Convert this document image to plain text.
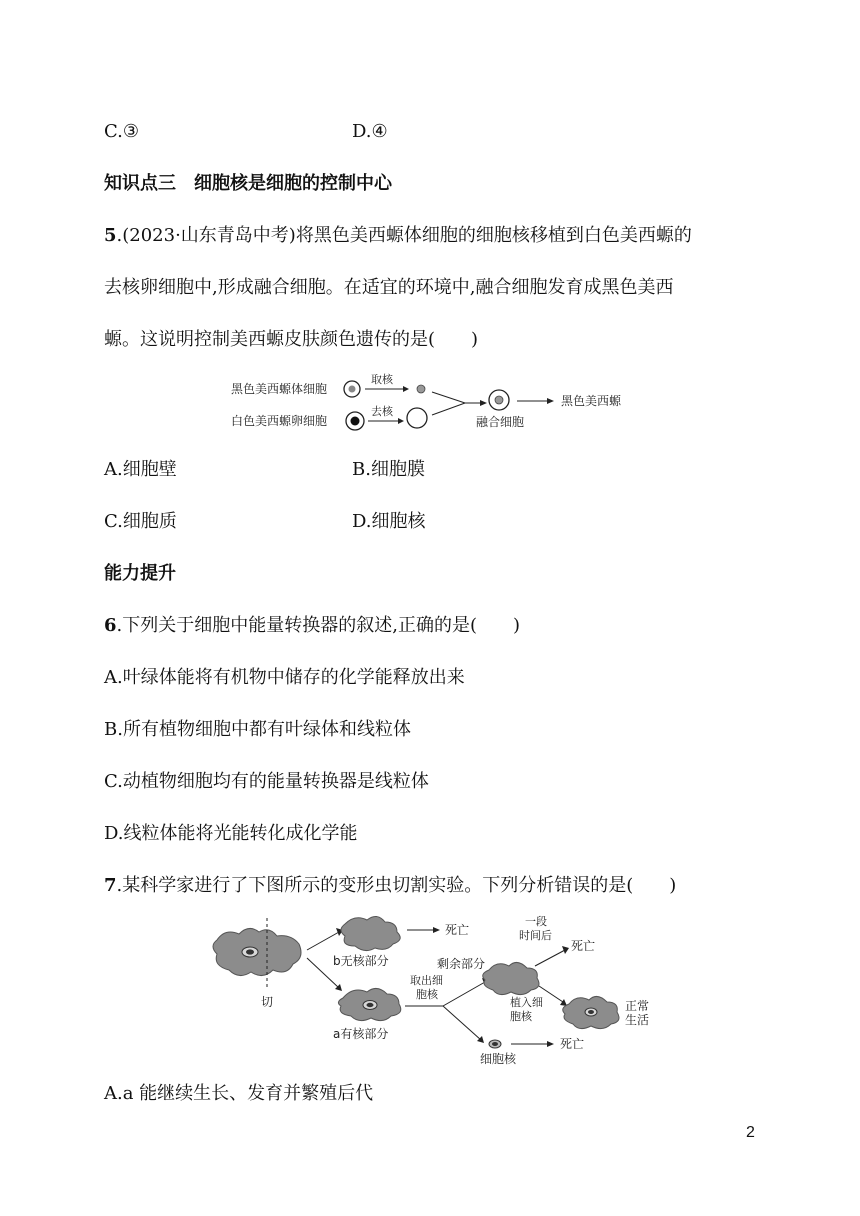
C.③	D.④
知识点三　细胞核是细胞的控制中心
5.(2023·山东青岛中考)将黑色美西螈体细胞的细胞核移植到白色美西螈的
去核卵细胞中,形成融合细胞。在适宜的环境中,融合细胞发育成黑色美西
螈。这说明控制美西螈皮肤颜色遗传的是(　　)
黑色美西螈体细胞
取核
白色美西螈卵细胞
去核
融合细胞
黑色美西螈
A.细胞壁	B.细胞膜
C.细胞质	D.细胞核
能力提升
6.下列关于细胞中能量转换器的叙述,正确的是(　　)
A.叶绿体能将有机物中储存的化学能释放出来
B.所有植物细胞中都有叶绿体和线粒体
C.动植物细胞均有的能量转换器是线粒体
D.线粒体能将光能转化成化学能
7.某科学家进行了下图所示的变形虫切割实验。下列分析错误的是(　　)
切
b无核部分
死亡
a有核部分
取出细
胞核
剩余部分
一段
时间后
死亡
植入细
胞核
正常
生活
细胞核
死亡
A.a 能继续生长、发育并繁殖后代
2
